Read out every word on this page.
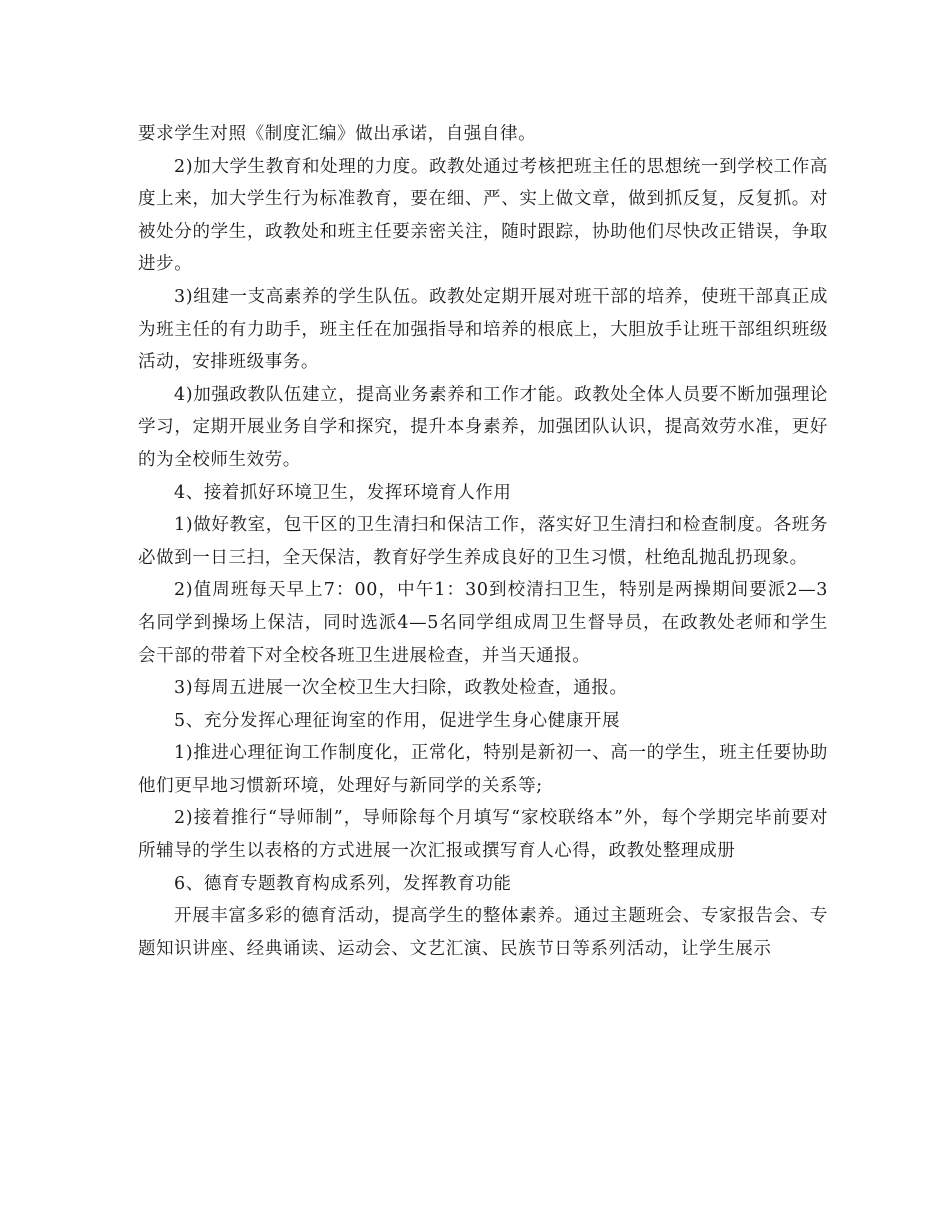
要求学生对照《制度汇编》做出承诺，自强自律。

2)加大学生教育和处理的力度。政教处通过考核把班主任的思想统一到学校工作高度上来，加大学生行为标准教育，要在细、严、实上做文章，做到抓反复，反复抓。对被处分的学生，政教处和班主任要亲密关注，随时跟踪，协助他们尽快改正错误，争取进步。

3)组建一支高素养的学生队伍。政教处定期开展对班干部的培养，使班干部真正成为班主任的有力助手，班主任在加强指导和培养的根底上，大胆放手让班干部组织班级活动，安排班级事务。

4)加强政教队伍建立，提高业务素养和工作才能。政教处全体人员要不断加强理论学习，定期开展业务自学和探究，提升本身素养，加强团队认识，提高效劳水准，更好的为全校师生效劳。

4、接着抓好环境卫生，发挥环境育人作用

1)做好教室，包干区的卫生清扫和保洁工作，落实好卫生清扫和检查制度。各班务必做到一日三扫，全天保洁，教育好学生养成良好的卫生习惯，杜绝乱抛乱扔现象。

2)值周班每天早上7：00，中午1：30到校清扫卫生，特别是两操期间要派2—3名同学到操场上保洁，同时选派4—5名同学组成周卫生督导员，在政教处老师和学生会干部的带着下对全校各班卫生进展检查，并当天通报。

3)每周五进展一次全校卫生大扫除，政教处检查，通报。

5、充分发挥心理征询室的作用，促进学生身心健康开展

1)推进心理征询工作制度化，正常化，特别是新初一、高一的学生，班主任要协助他们更早地习惯新环境，处理好与新同学的关系等;

2)接着推行“导师制”，导师除每个月填写“家校联络本”外，每个学期完毕前要对所辅导的学生以表格的方式进展一次汇报或撰写育人心得，政教处整理成册

6、德育专题教育构成系列，发挥教育功能

开展丰富多彩的德育活动，提高学生的整体素养。通过主题班会、专家报告会、专题知识讲座、经典诵读、运动会、文艺汇演、民族节日等系列活动，让学生展示
